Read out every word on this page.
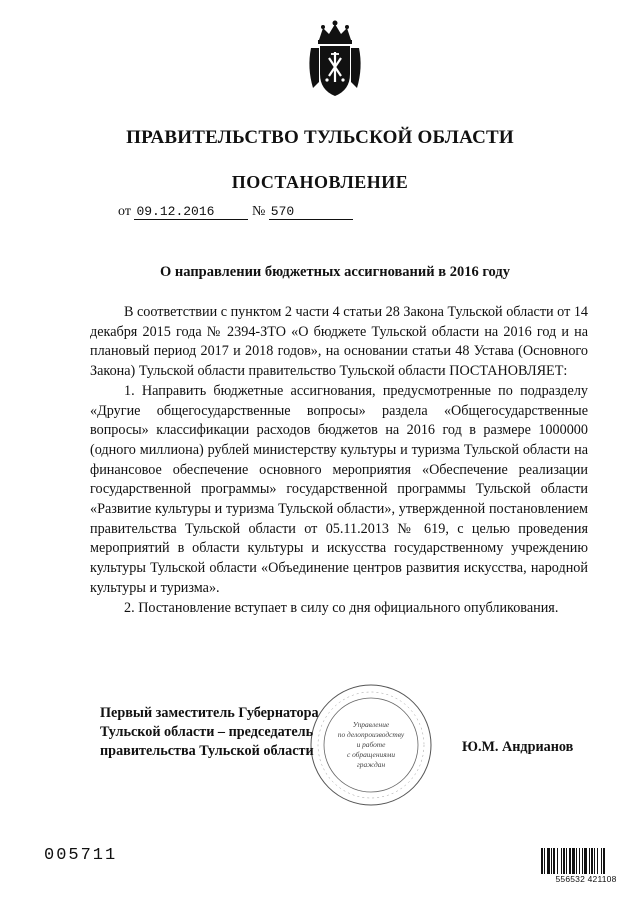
ПРАВИТЕЛЬСТВО ТУЛЬСКОЙ ОБЛАСТИ
ПОСТАНОВЛЕНИЕ
от 09.12.2016	№ 570
О направлении бюджетных ассигнований в 2016 году

В соответствии с пунктом 2 части 4 статьи 28 Закона Тульской области от 14 декабря 2015 года № 2394-ЗТО «О бюджете Тульской области на 2016 год и на плановый период 2017 и 2018 годов», на основании статьи 48 Устава (Основного Закона) Тульской области правительство Тульской области ПОСТАНОВЛЯЕТ:

1. Направить бюджетные ассигнования, предусмотренные по подразделу «Другие общегосударственные вопросы» раздела «Общегосударственные вопросы» классификации расходов бюджетов на 2016 год в размере 1000000 (одного миллиона) рублей министерству культуры и туризма Тульской области на финансовое обеспечение основного мероприятия «Обеспечение реализации государственной программы» государственной программы Тульской области «Развитие культуры и туризма Тульской области», утвержденной постановлением правительства Тульской области от 05.11.2013 № 619, с целью проведения мероприятий в области культуры и искусства государственному учреждению культуры Тульской области «Объединение центров развития искусства, народной культуры и туризма».

2. Постановление вступает в силу со дня официального опубликования.

Управление
по делопроизводству
и работе
с обращениями
граждан
Первый заместитель Губернатора
Тульской области – председатель
правительства Тульской области	Ю.М. Андрианов
005711
556532 421108
